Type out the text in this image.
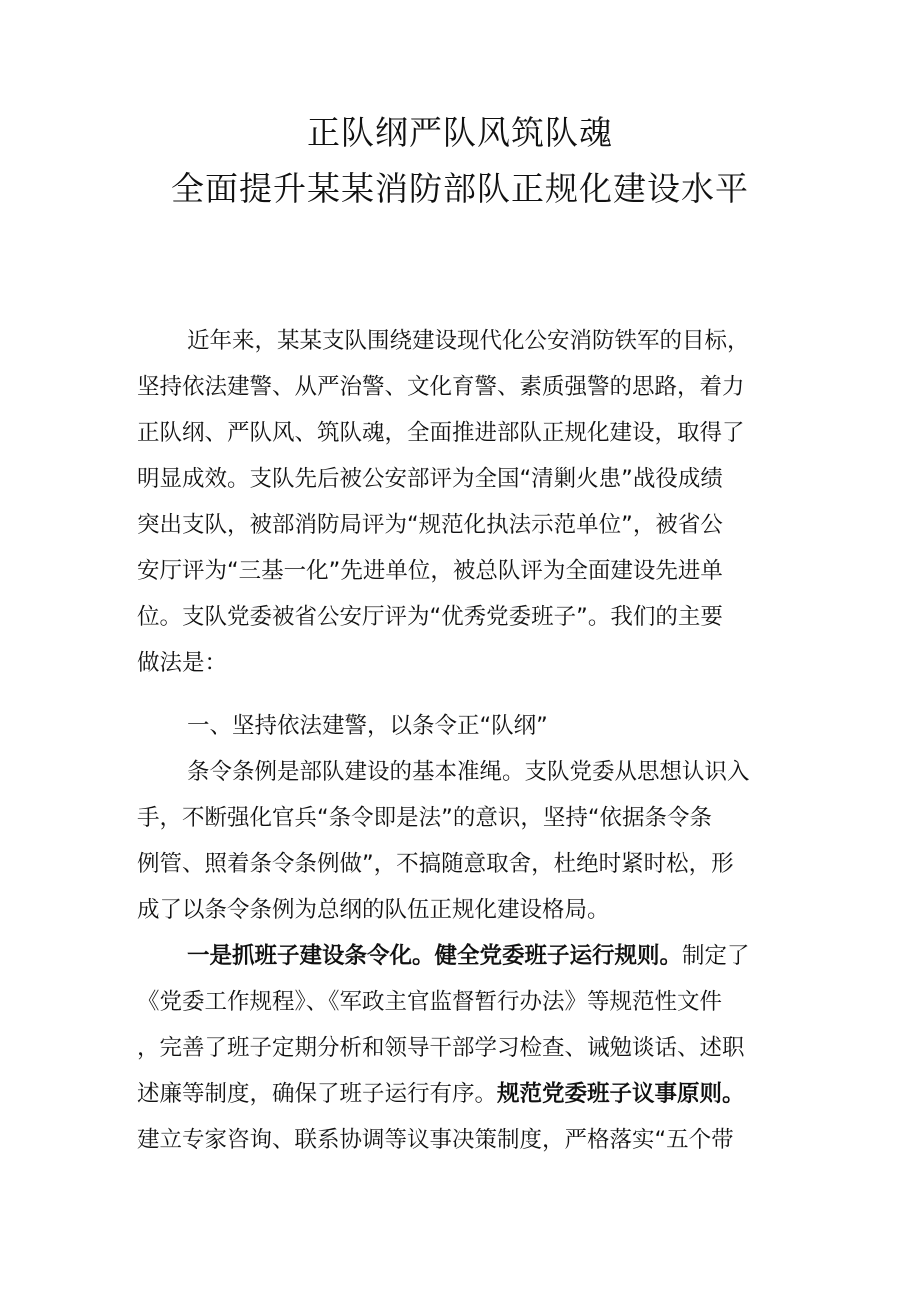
正队纲严队风筑队魂
全面提升某某消防部队正规化建设水平
近年来，某某支队围绕建设现代化公安消防铁军的目标，
坚持依法建警、从严治警、文化育警、素质强警的思路，着力
正队纲、严队风、筑队魂，全面推进部队正规化建设，取得了
明显成效。支队先后被公安部评为全国“清剿火患”战役成绩
突出支队，被部消防局评为“规范化执法示范单位”，被省公
安厅评为“三基一化”先进单位，被总队评为全面建设先进单
位。支队党委被省公安厅评为“优秀党委班子”。我们的主要
做法是：
一、坚持依法建警，以条令正“队纲”
条令条例是部队建设的基本准绳。支队党委从思想认识入
手，不断强化官兵“条令即是法”的意识，坚持“依据条令条
例管、照着条令条例做”，不搞随意取舍，杜绝时紧时松，形
成了以条令条例为总纲的队伍正规化建设格局。
一是抓班子建设条令化。健全党委班子运行规则。制定了
《党委工作规程》、《军政主官监督暂行办法》等规范性文件
，完善了班子定期分析和领导干部学习检查、诫勉谈话、述职
述廉等制度，确保了班子运行有序。规范党委班子议事原则。
建立专家咨询、联系协调等议事决策制度，严格落实“五个带
